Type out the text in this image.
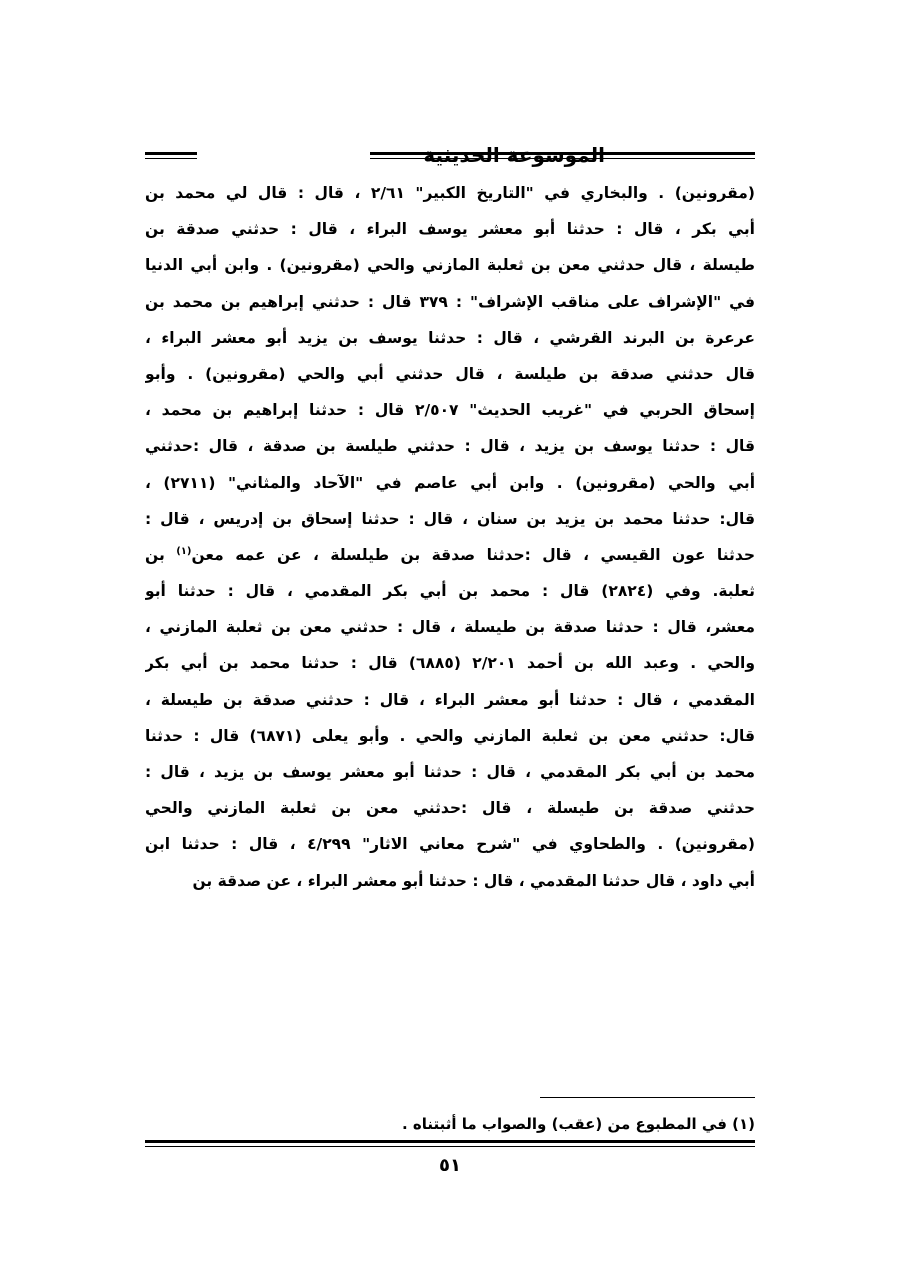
الموسوعة الحديثية
(مقرونين) . والبخاري في "التاريخ الكبير" ٢/٦١ ، قال : قال لي محمد بن
أبي بكر ، قال : حدثنا أبو معشر يوسف البراء ، قال : حدثني صدقة بن
طيسلة ، قال حدثني معن بن ثعلبة المازني والحي (مقرونين) . وابن أبي الدنيا
في "الإشراف على مناقب الإشراف" : ٣٧٩ قال : حدثني إبراهيم بن محمد بن
عرعرة بن البرند القرشي ، قال : حدثنا يوسف بن يزيد أبو معشر البراء ،
قال حدثني صدقة بن طيلسة ، قال حدثني أبي والحي (مقرونين) . وأبو
إسحاق الحربي في "غريب الحديث" ٢/٥٠٧ قال : حدثنا إبراهيم بن محمد ،
قال : حدثنا يوسف بن يزيد ، قال : حدثني طيلسة بن صدقة ، قال :حدثني
أبي والحي (مقرونين) . وابن أبي عاصم في "الآحاد والمثاني" (٢٧١١) ،
قال: حدثنا محمد بن يزيد بن سنان ، قال : حدثنا إسحاق بن إدريس ، قال :
حدثنا عون القيسي ، قال :حدثنا صدقة بن طيلسلة ، عن عمه معن$^{(١)}$ بن
ثعلبة. وفي (٢٨٢٤) قال : محمد بن أبي بكر المقدمي ، قال : حدثنا أبو
معشر، قال : حدثنا صدقة بن طيسلة ، قال : حدثني معن بن ثعلبة المازني ،
والحي . وعبد الله بن أحمد ٢/٢٠١ (٦٨٨٥) قال : حدثنا محمد بن أبي بكر
المقدمي ، قال : حدثنا أبو معشر البراء ، قال : حدثني صدقة بن طيسلة ،
قال: حدثني معن بن ثعلبة المازني والحي . وأبو يعلى (٦٨٧١) قال : حدثنا
محمد بن أبي بكر المقدمي ، قال : حدثنا أبو معشر يوسف بن يزيد ، قال :
حدثني صدقة بن طيسلة ، قال :حدثني معن بن ثعلبة المازني والحي
(مقرونين) . والطحاوي في "شرح معاني الاثار" ٤/٢٩٩ ، قال : حدثنا ابن
أبي داود ، قال حدثنا المقدمي ، قال : حدثنا أبو معشر البراء ، عن صدقة بن
(١) في المطبوع من (عقب) والصواب ما أثبتناه .
٥١
